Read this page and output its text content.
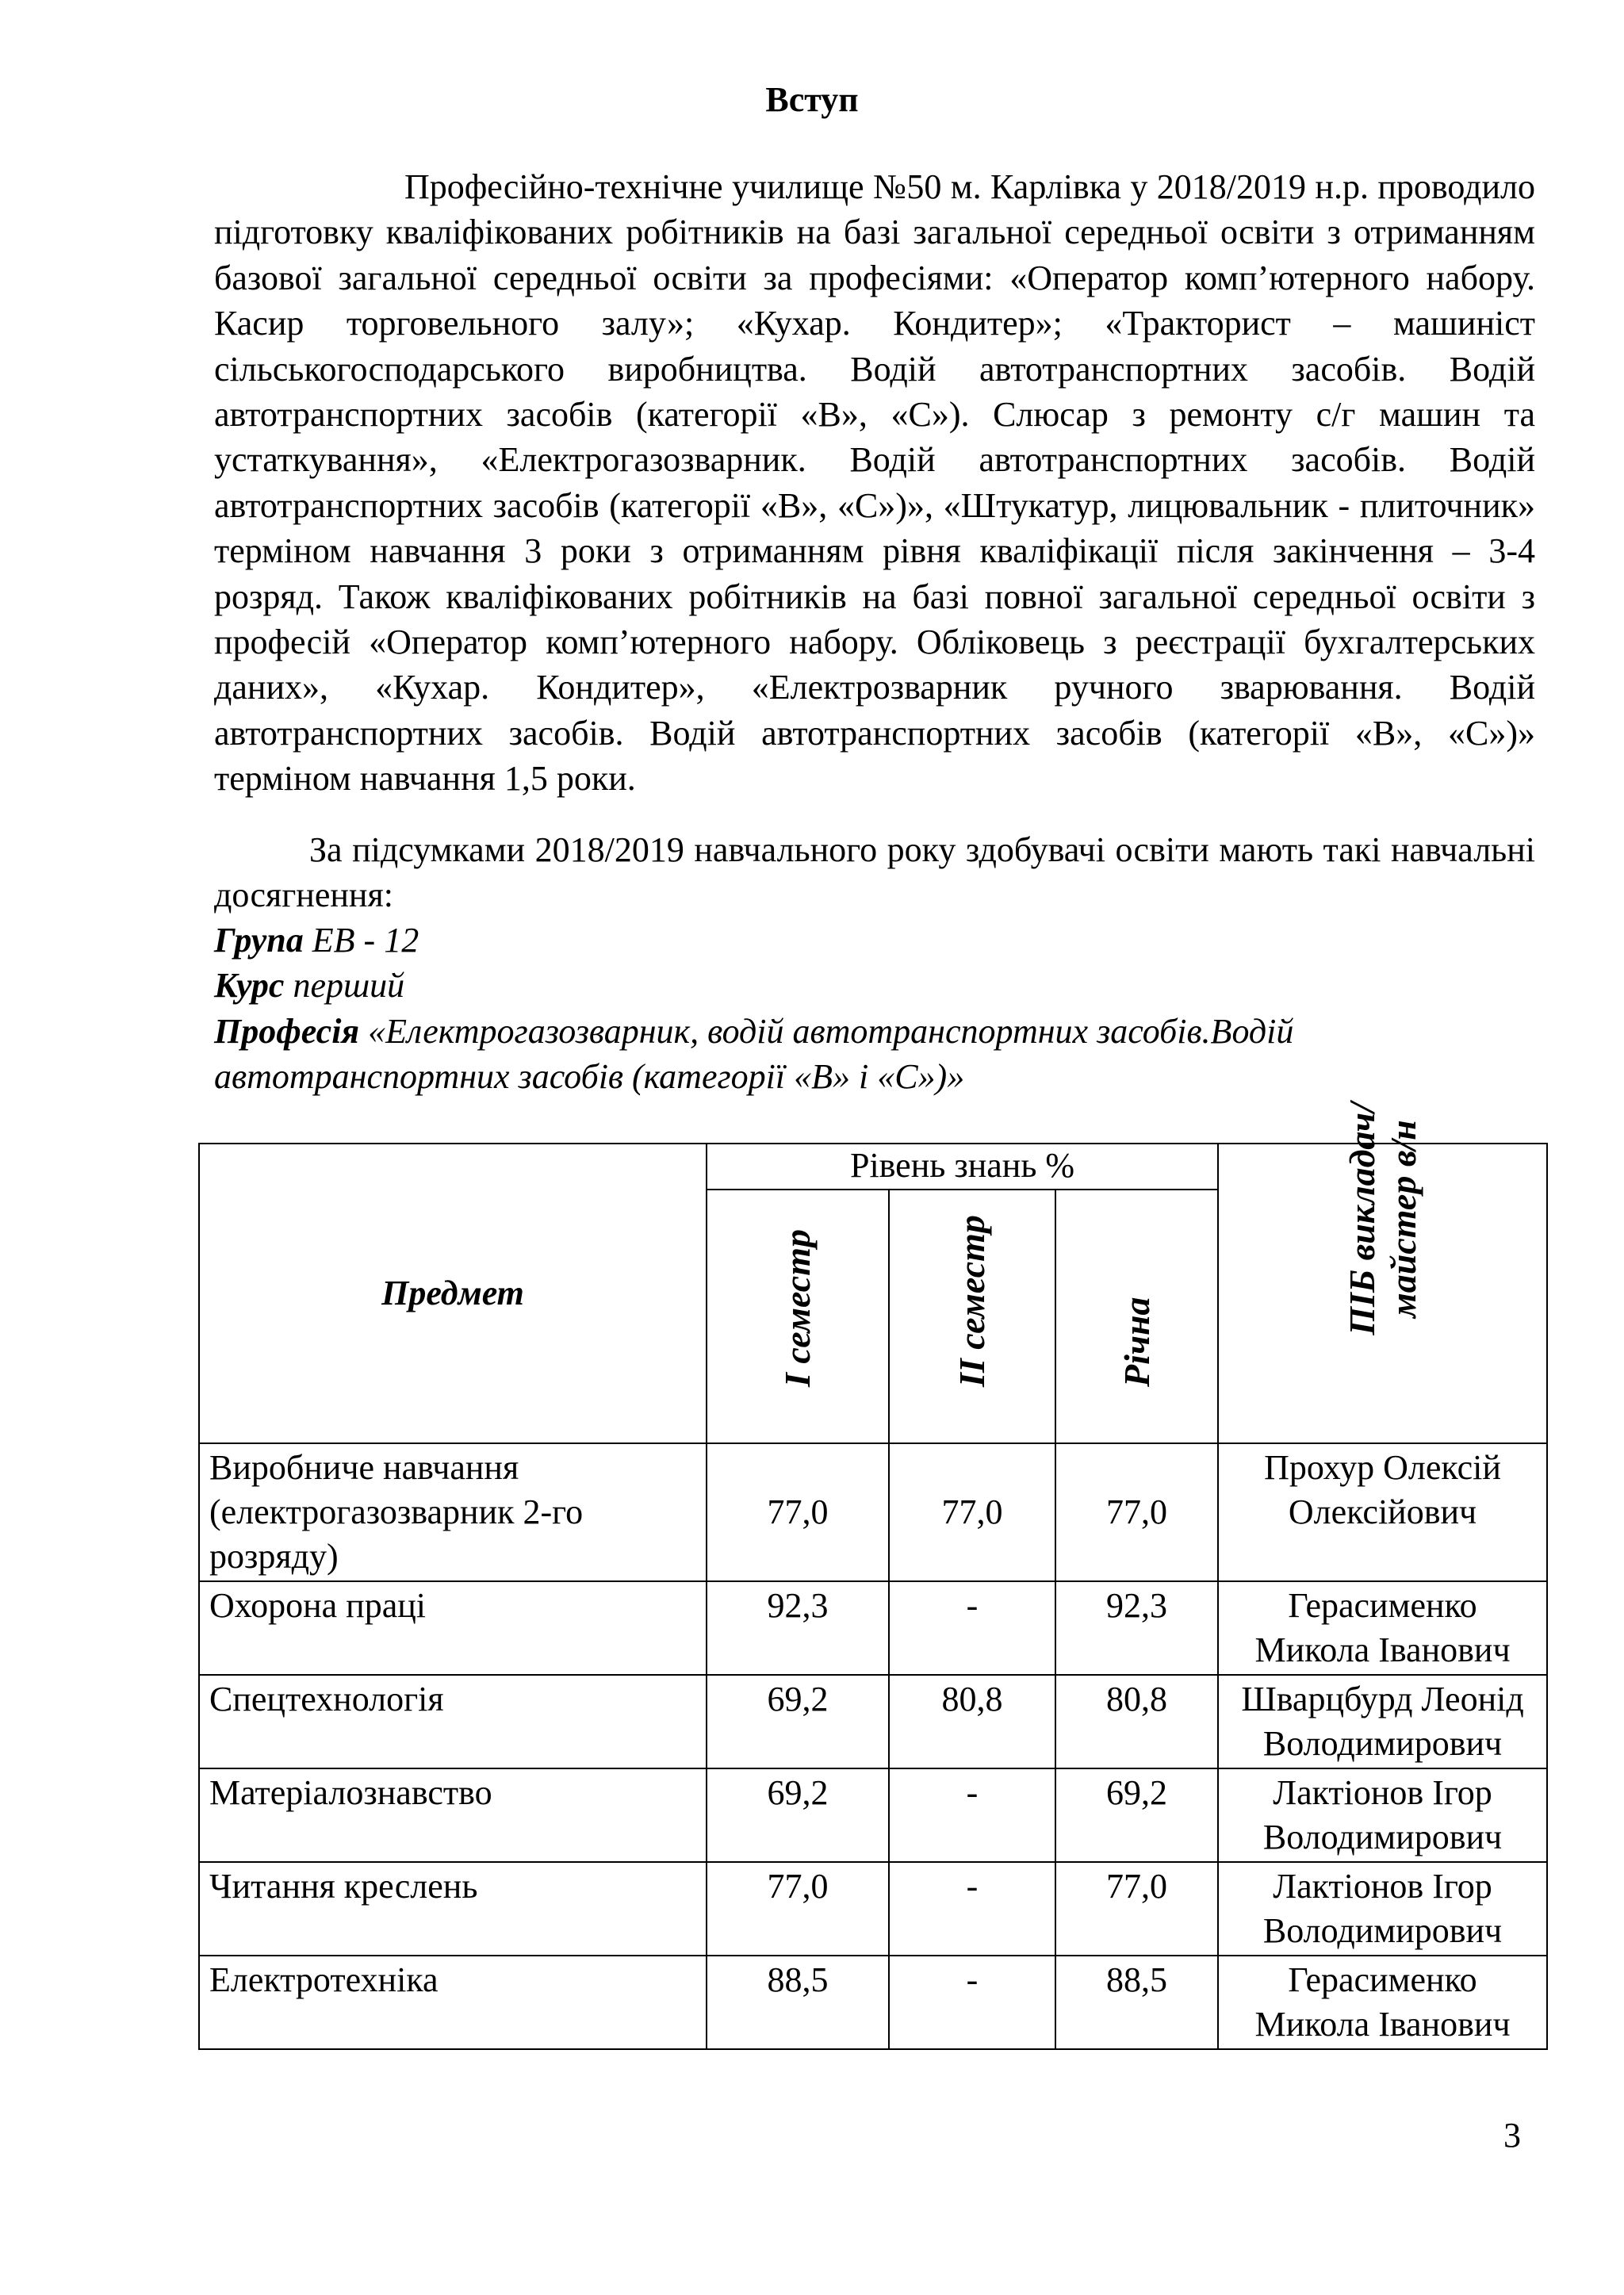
Вступ
Професійно-технічне училище №50 м. Карлівка у 2018/2019 н.р. проводило підготовку кваліфікованих робітників на базі загальної середньої освіти з отриманням базової загальної середньої освіти за професіями: «Оператор комп’ютерного набору. Касир торговельного залу»; «Кухар. Кондитер»; «Тракторист – машиніст сільськогосподарського виробництва. Водій автотранспортних засобів. Водій автотранспортних засобів (категорії «В», «С»). Слюсар з ремонту с/г машин та устаткування», «Електрогазозварник. Водій автотранспортних засобів. Водій автотранспортних засобів (категорії «В», «С»)», «Штукатур, лицювальник - плиточник» терміном навчання 3 роки з отриманням рівня кваліфікації після закінчення – 3-4 розряд. Також кваліфікованих робітників на базі повної загальної середньої освіти з професій «Оператор комп’ютерного набору. Обліковець з реєстрації бухгалтерських даних», «Кухар. Кондитер», «Електрозварник ручного зварювання. Водій автотранспортних засобів. Водій автотранспортних засобів (категорії «В», «С»)» терміном навчання 1,5 роки.
За підсумками 2018/2019 навчального року здобувачі освіти мають такі навчальні досягнення:
Група ЕВ - 12
Курс перший
Професія «Електрогазозварник, водій автотранспортних засобів.Водій автотранспортних засобів (категорії «В» і «С»)»
Предмет	Рівень знань %			ПІБ викладач/ майстер в/н

	І семестр	ІІ семестр	Річна	

Виробниче навчання (електрогазозварник 2-го розряду)	77,0	77,0	77,0	Прохур Олексій Олексійович
Охорона праці	92,3	-	92,3	Герасименко Микола Іванович
Спецтехнологія	69,2	80,8	80,8	Шварцбурд Леонід Володимирович
Матеріалознавство	69,2	-	69,2	Лактіонов Ігор Володимирович
Читання креслень	77,0	-	77,0	Лактіонов Ігор Володимирович
Електротехніка	88,5	-	88,5	Герасименко Микола Іванович
3
